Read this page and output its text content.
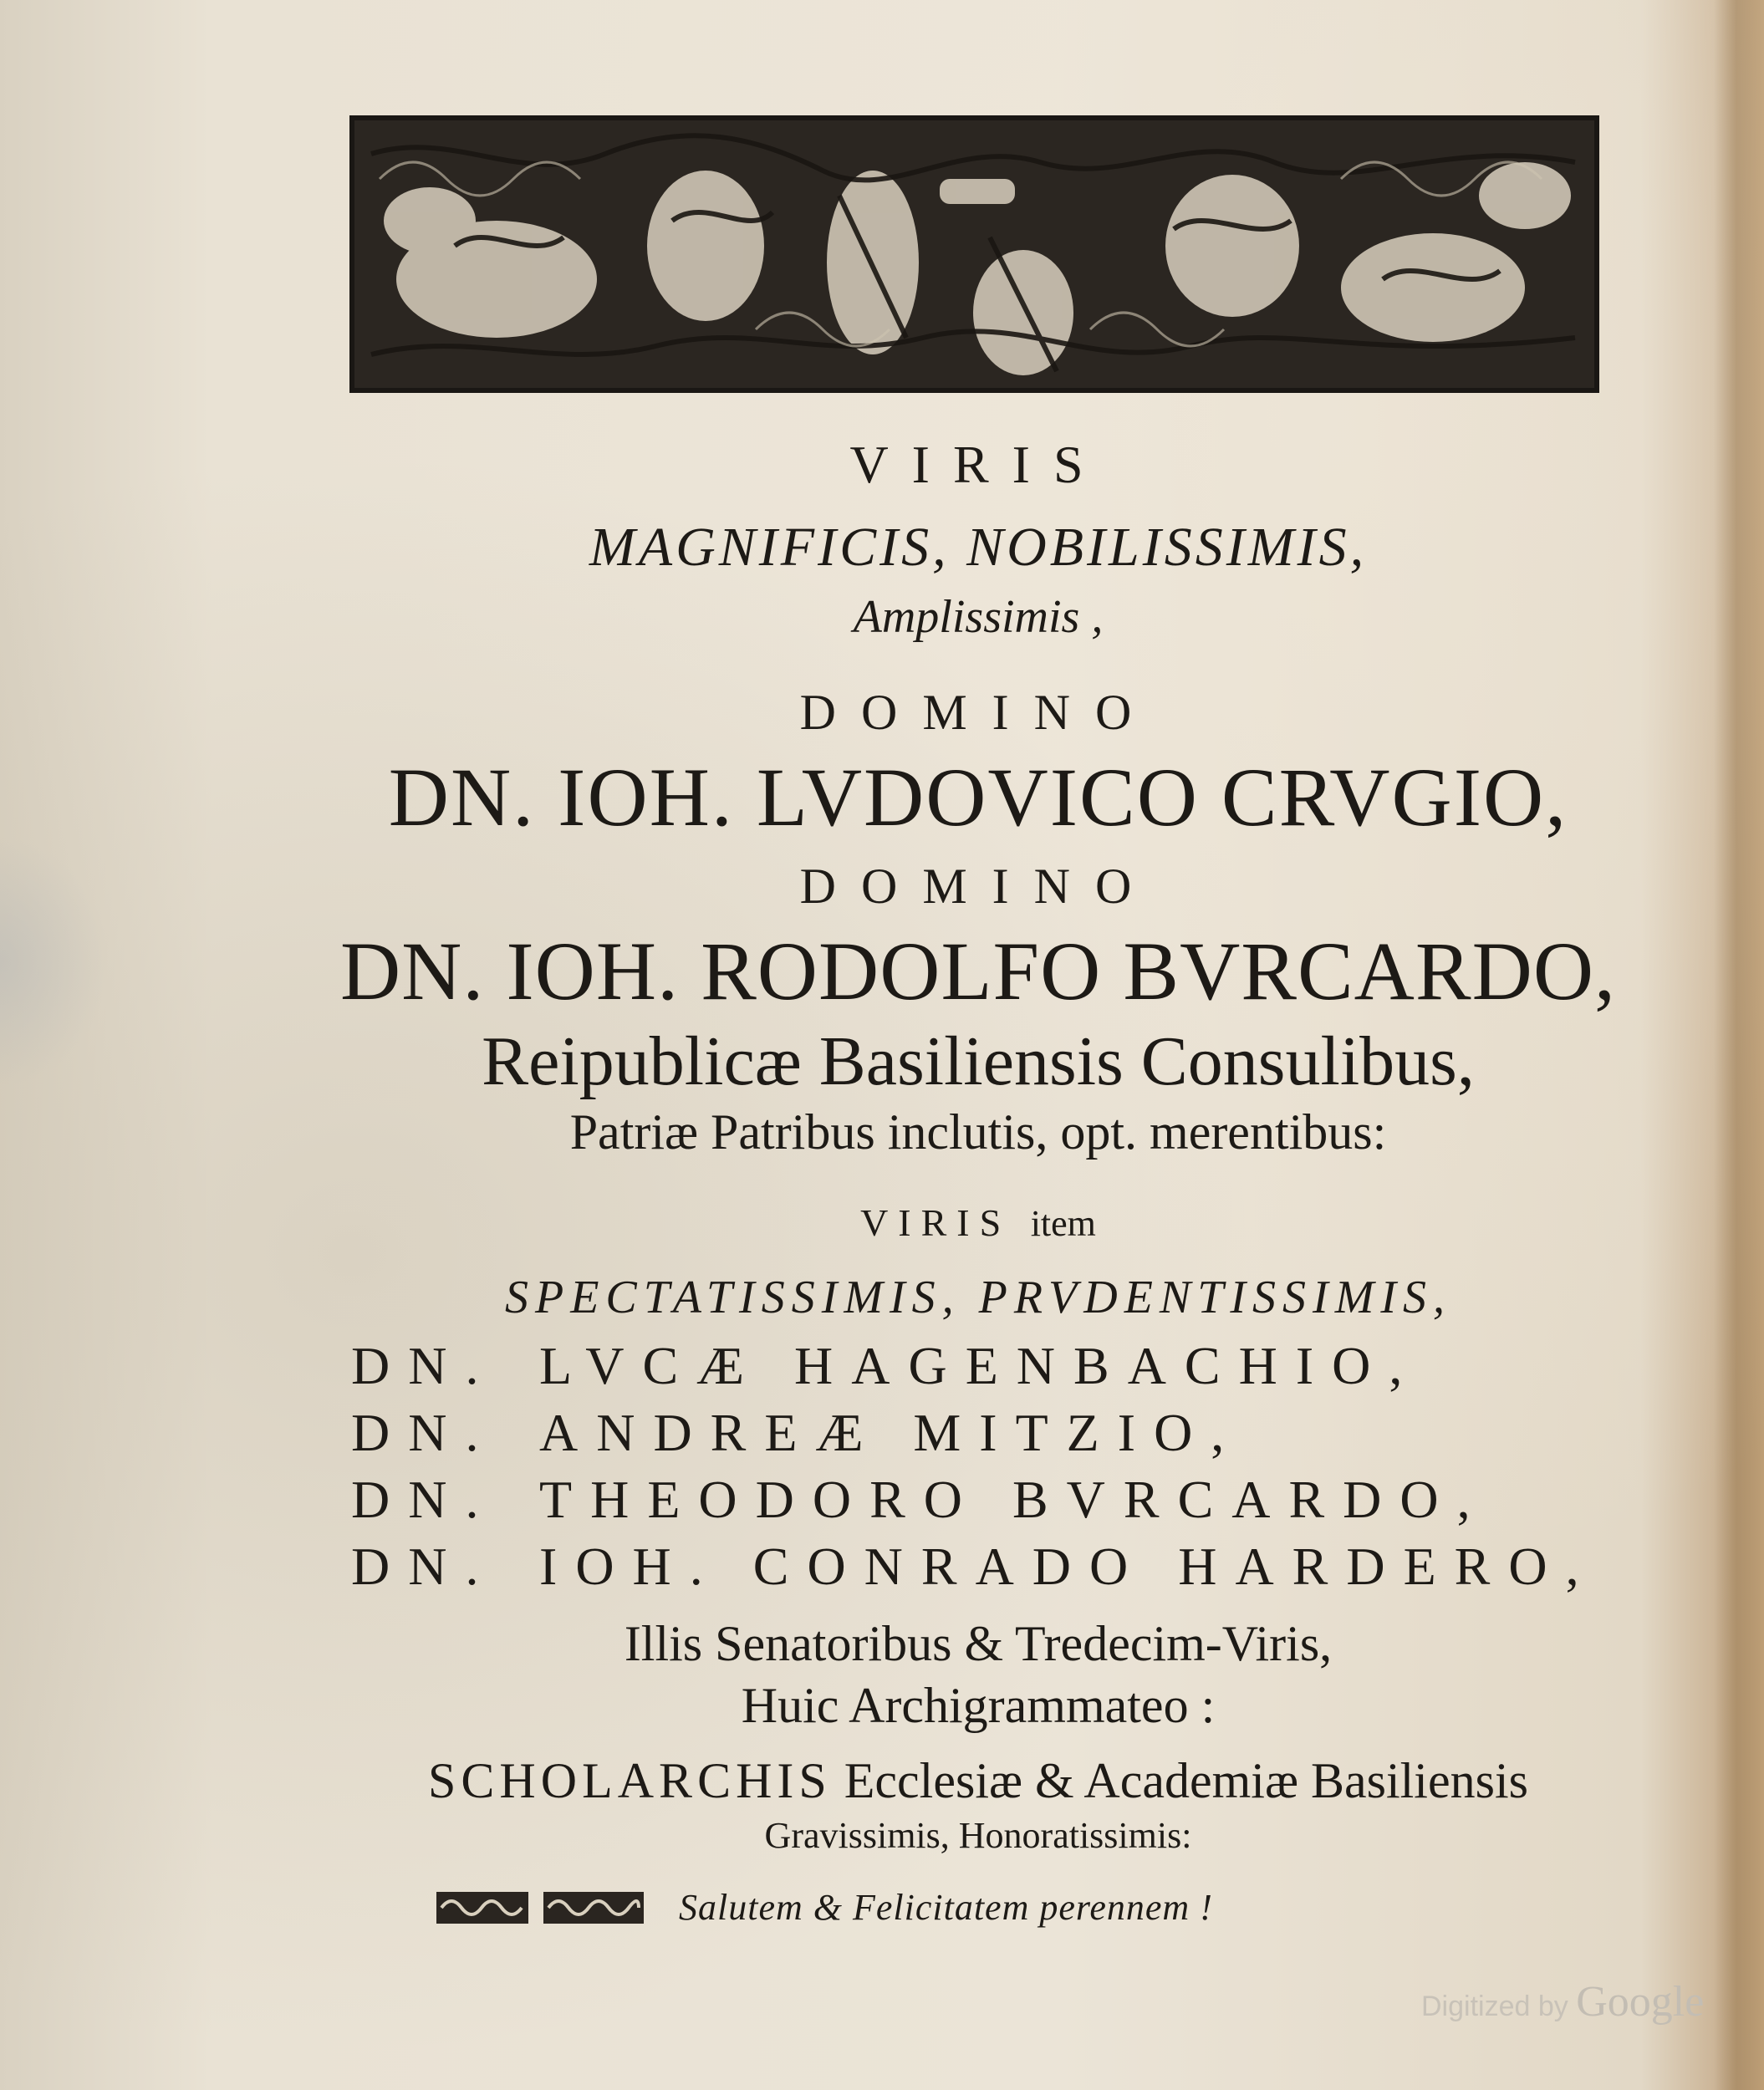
VIRIS
MAGNIFICIS, NOBILISSIMIS,
Amplissimis ,
DOMINO
DN. IOH. LVDOVICO CRVGIO,
DOMINO
DN. IOH. RODOLFO BVRCARDO,
Reipublicæ Basiliensis Consulibus,
Patriæ Patribus inclutis, opt. merentibus:
VIRIS item
SPECTATISSIMIS, PRVDENTISSIMIS,
DN. LVCÆ HAGENBACHIO,
DN. ANDREÆ MITZIO,
DN. THEODORO BVRCARDO,
DN. IOH. CONRADO HARDERO,
Illis Senatoribus & Tredecim-Viris,
Huic Archigrammateo :
SCHOLARCHIS Ecclesiæ & Academiæ Basiliensis
Gravissimis, Honoratissimis:
Salutem & Felicitatem perennem !
Digitized by Google
